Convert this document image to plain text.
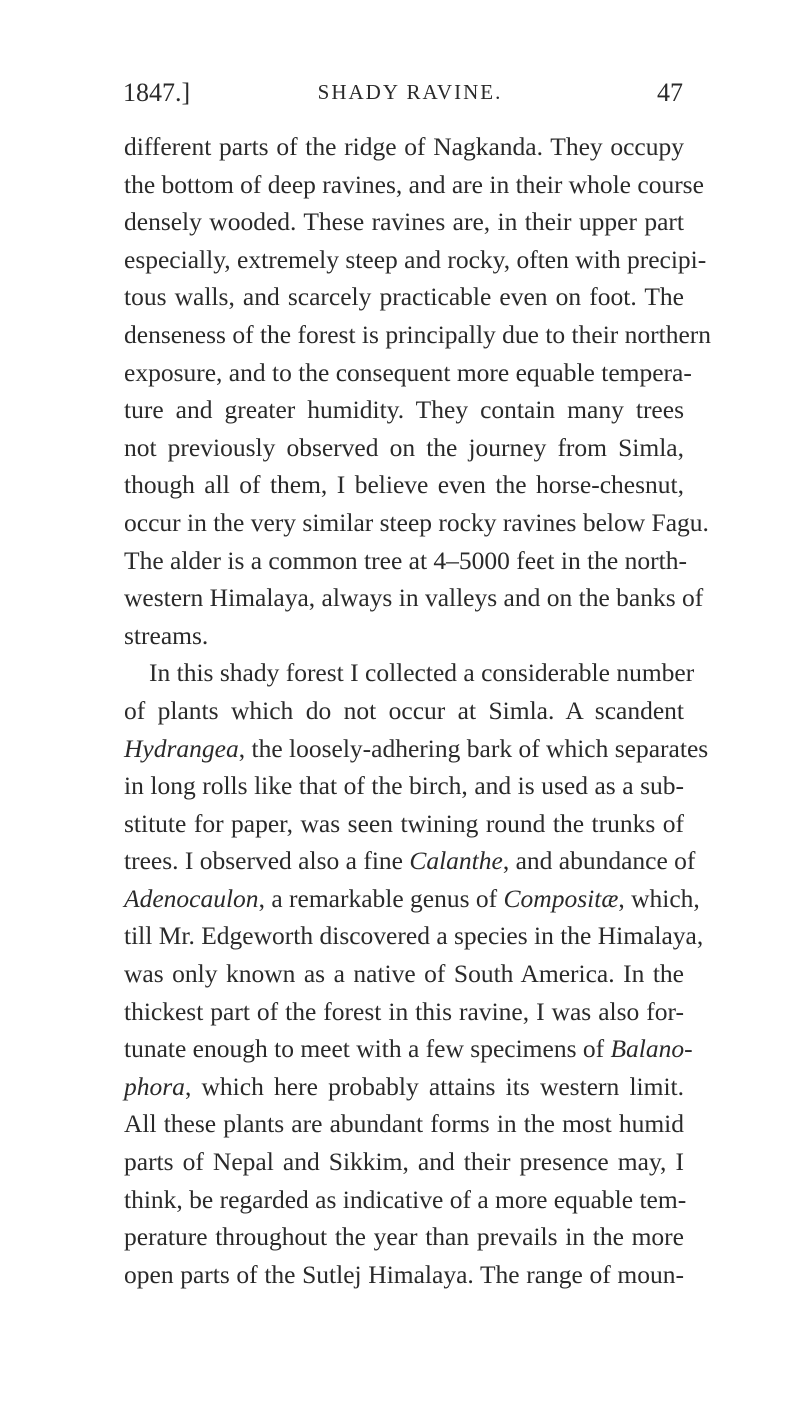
1847.]	SHADY RAVINE.	47
different parts of the ridge of Nagkanda. They occupy
the bottom of deep ravines, and are in their whole course
densely wooded. These ravines are, in their upper part
especially, extremely steep and rocky, often with precipi-
tous walls, and scarcely practicable even on foot. The
denseness of the forest is principally due to their northern
exposure, and to the consequent more equable tempera-
ture and greater humidity. They contain many trees
not previously observed on the journey from Simla,
though all of them, I believe even the horse-chesnut,
occur in the very similar steep rocky ravines below Fagu.
The alder is a common tree at 4–5000 feet in the north-
western Himalaya, always in valleys and on the banks of
streams.
In this shady forest I collected a considerable number
of plants which do not occur at Simla. A scandent
Hydrangea, the loosely-adhering bark of which separates
in long rolls like that of the birch, and is used as a sub-
stitute for paper, was seen twining round the trunks of
trees. I observed also a fine Calanthe, and abundance of
Adenocaulon, a remarkable genus of Compositæ, which,
till Mr. Edgeworth discovered a species in the Himalaya,
was only known as a native of South America. In the
thickest part of the forest in this ravine, I was also for-
tunate enough to meet with a few specimens of Balano-
phora, which here probably attains its western limit.
All these plants are abundant forms in the most humid
parts of Nepal and Sikkim, and their presence may, I
think, be regarded as indicative of a more equable tem-
perature throughout the year than prevails in the more
open parts of the Sutlej Himalaya. The range of moun-
